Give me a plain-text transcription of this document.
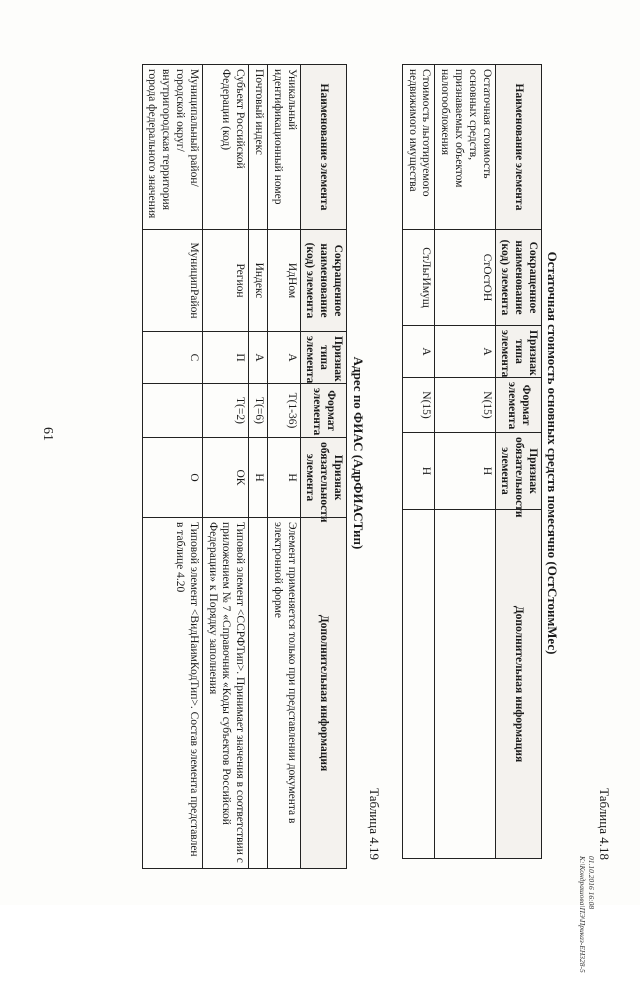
61
01.10.2016 16:08
К:\Кондрашова\ПЭ\Приказ-ЕН328-5
Таблица 4.18
Остаточная стоимость основных средств помесячно (ОстСтоимМес)
Наименование элемента	Сокращенное наименование (код) элемента	Признак типа элемента	Формат элемента	Признак обязательности элемента	Дополнительная информация
Остаточная стоимость основных средств, признаваемых объектом налогообложения	СтОстОН	А	N(15)	Н	
Стоимость льготируемого недвижимого имущества	СтЛьгИмущ	А	N(15)	Н	
Таблица 4.19
Адрес по ФИАС (АдрФИАСТип)
Наименование элемента	Сокращенное наименование (код) элемента	Признак типа элемента	Формат элемента	Признак обязательности элемента	Дополнительная информация
Уникальный идентификационный номер	ИдНом	А	Т(1-36)	Н	Элемент применяется только при представлении документа в электронной форме
Почтовый индекс	Индекс	А	Т(=6)	Н	
Субъект Российской Федерации (код)	Регион	П	Т(=2)	ОК	Типовой элемент <ССРФТип>. Принимает значения в соответствии с приложением № 7 «Справочник «Коды субъектов Российской Федерации» к Порядку заполнения
Муниципальный район/ городской округ/ внутригородская территория города федерального значения	МуниципРайон	С		О	Типовой элемент <ВидНаимКодТип>. Состав элемента представлен в таблице 4.20
